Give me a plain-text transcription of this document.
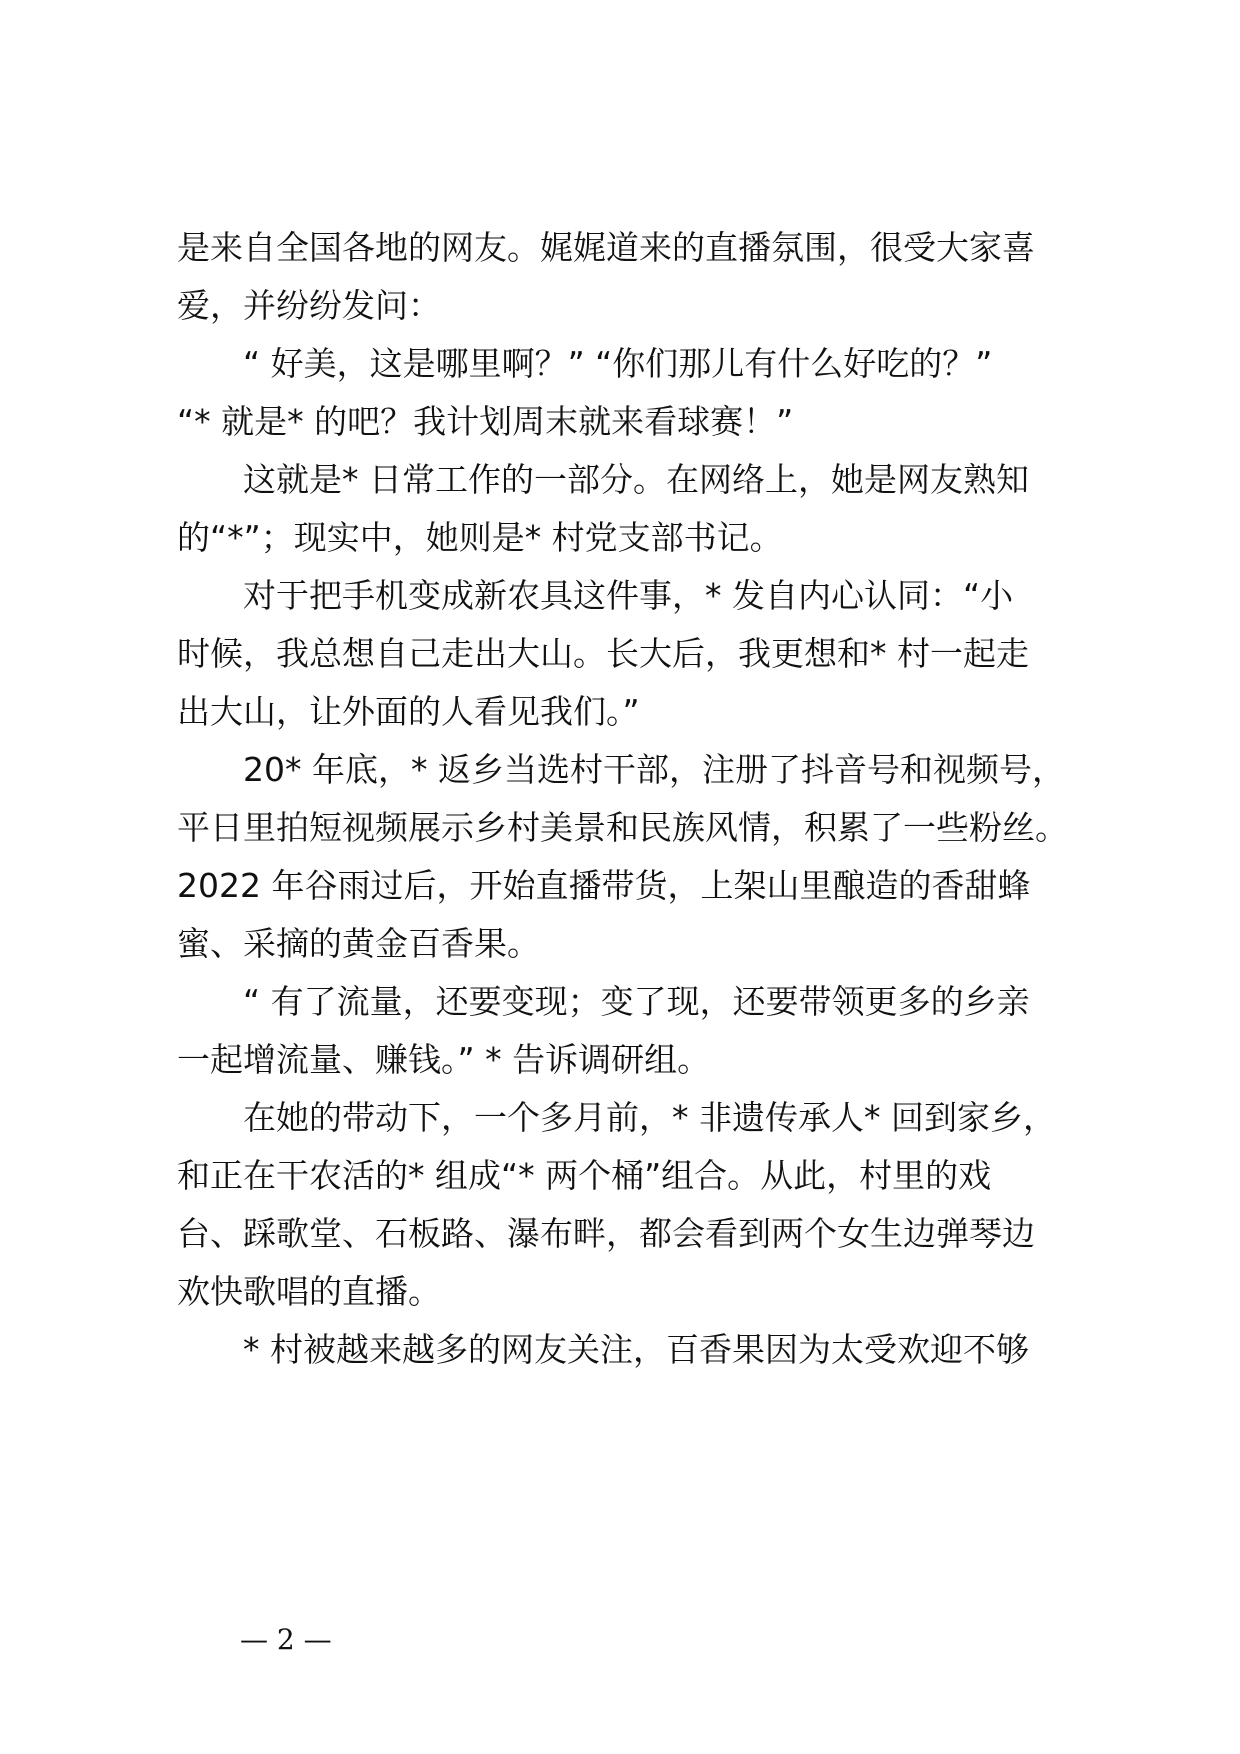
是来自全国各地的网友。娓娓道来的直播氛围，很受大家喜
爱，并纷纷发问：
“ 好美，这是哪里啊？” “你们那儿有什么好吃的？”
“* 就是* 的吧？我计划周末就来看球赛！”
这就是* 日常工作的一部分。在网络上，她是网友熟知
的“*”；现实中，她则是* 村党支部书记。
对于把手机变成新农具这件事，* 发自内心认同：“小
时候，我总想自己走出大山。长大后，我更想和* 村一起走
出大山，让外面的人看见我们。”
20* 年底，* 返乡当选村干部，注册了抖音号和视频号，
平日里拍短视频展示乡村美景和民族风情，积累了一些粉丝。
2022 年谷雨过后，开始直播带货，上架山里酿造的香甜蜂
蜜、采摘的黄金百香果。
“ 有了流量，还要变现；变了现，还要带领更多的乡亲
一起增流量、赚钱。” * 告诉调研组。
在她的带动下，一个多月前，* 非遗传承人* 回到家乡，
和正在干农活的* 组成“* 两个桶”组合。从此，村里的戏
台、踩歌堂、石板路、瀑布畔，都会看到两个女生边弹琴边
欢快歌唱的直播。
* 村被越来越多的网友关注，百香果因为太受欢迎不够
— 2 —
